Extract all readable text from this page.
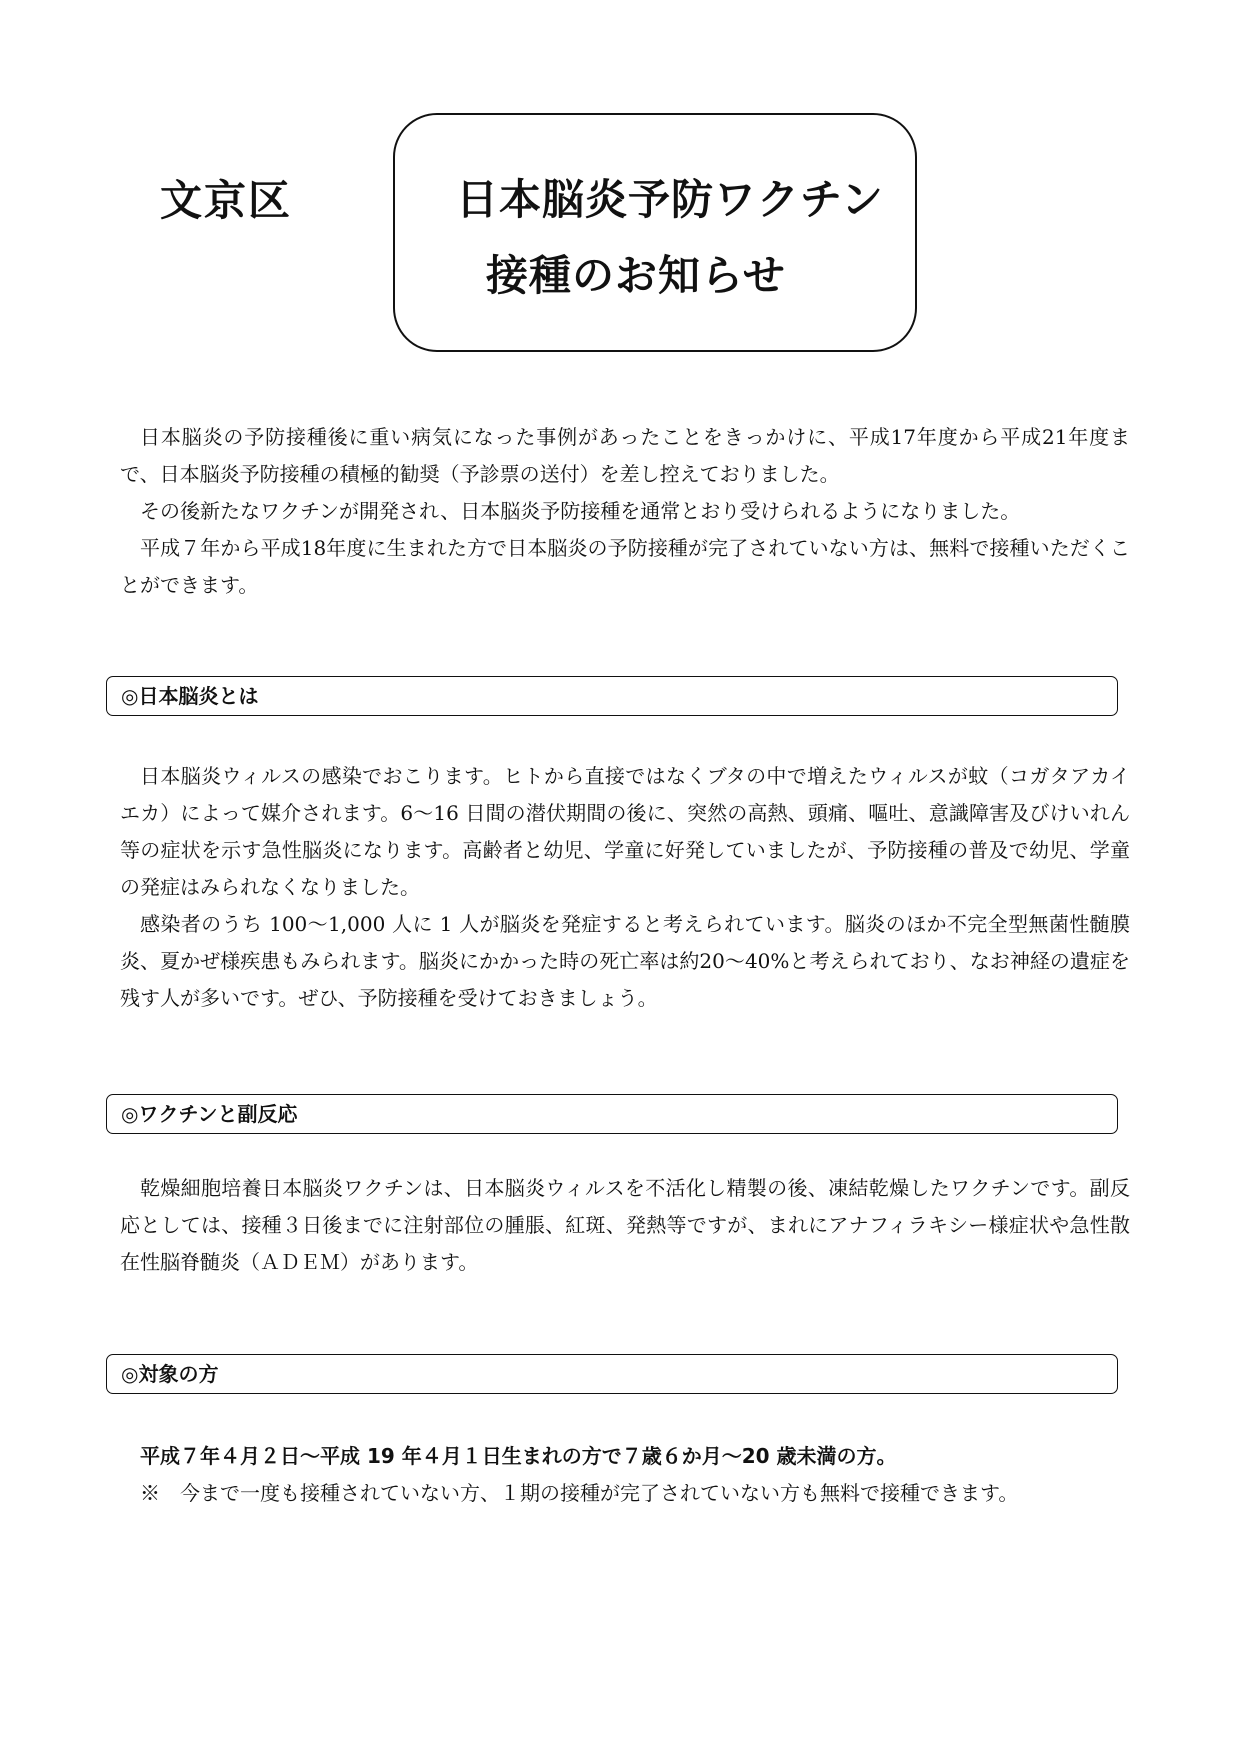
文京区	日本脳炎予防ワクチン
接種のお知らせ

日本脳炎の予防接種後に重い病気になった事例があったことをきっかけに、平成17年度から平成21年度まで、日本脳炎予防接種の積極的勧奨（予診票の送付）を差し控えておりました。

その後新たなワクチンが開発され、日本脳炎予防接種を通常とおり受けられるようになりました。

平成７年から平成18年度に生まれた方で日本脳炎の予防接種が完了されていない方は、無料で接種いただくことができます。

◎日本脳炎とは

日本脳炎ウィルスの感染でおこります。ヒトから直接ではなくブタの中で増えたウィルスが蚊（コガタアカイエカ）によって媒介されます。6～16 日間の潜伏期間の後に、突然の高熱、頭痛、嘔吐、意識障害及びけいれん等の症状を示す急性脳炎になります。高齢者と幼児、学童に好発していましたが、予防接種の普及で幼児、学童の発症はみられなくなりました。

感染者のうち 100～1,000 人に 1 人が脳炎を発症すると考えられています。脳炎のほか不完全型無菌性髄膜炎、夏かぜ様疾患もみられます。脳炎にかかった時の死亡率は約20～40%と考えられており、なお神経の遺症を残す人が多いです。ぜひ、予防接種を受けておきましょう。

◎ワクチンと副反応

乾燥細胞培養日本脳炎ワクチンは、日本脳炎ウィルスを不活化し精製の後、凍結乾燥したワクチンです。副反応としては、接種３日後までに注射部位の腫脹、紅斑、発熱等ですが、まれにアナフィラキシー様症状や急性散在性脳脊髄炎（ＡＤＥＭ）があります。

◎対象の方
平成７年４月２日～平成 19 年４月１日生まれの方で７歳６か月～20 歳未満の方。
※　今まで一度も接種されていない方、１期の接種が完了されていない方も無料で接種できます。
